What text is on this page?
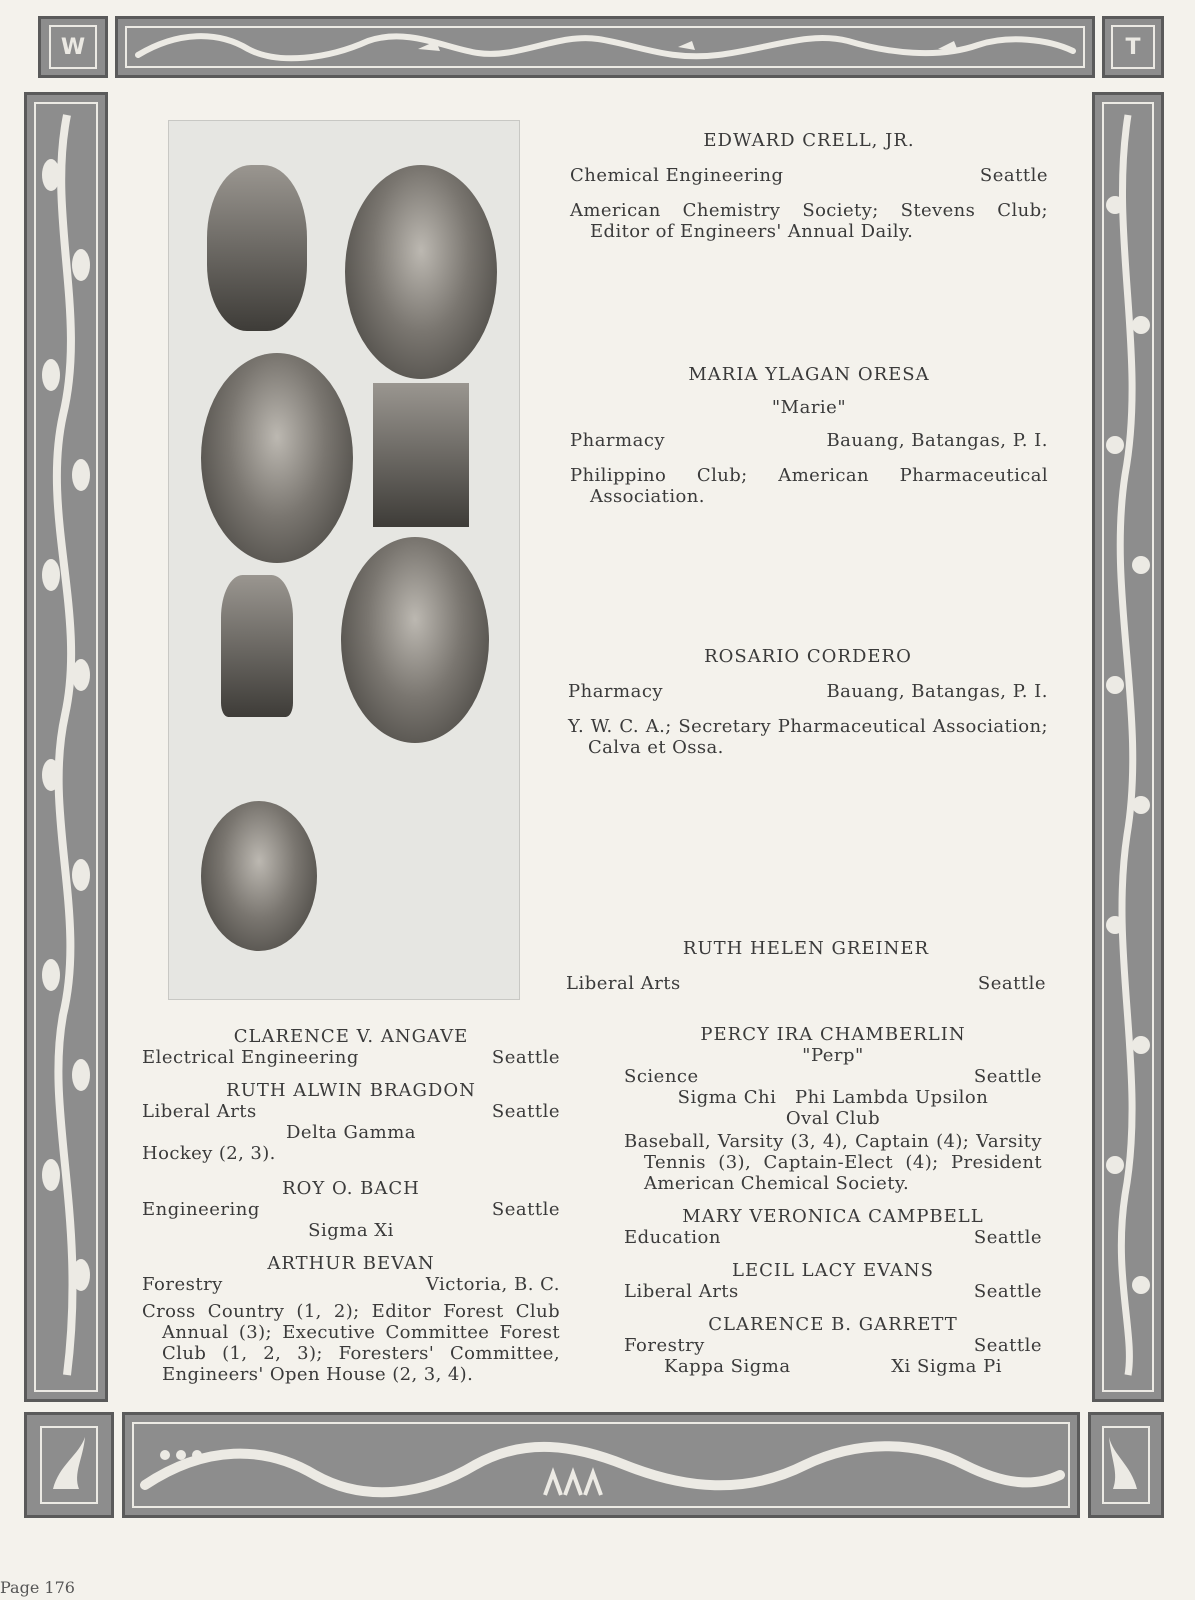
W	T
EDWARD CRELL, JR.
Chemical Engineering	Seattle
American Chemistry Society; Stevens Club; Editor of Engineers' Annual Daily.
MARIA YLAGAN ORESA
"Marie"
Pharmacy	Bauang, Batangas, P. I.
Philippino Club; American Pharmaceutical Association.
ROSARIO CORDERO
Pharmacy	Bauang, Batangas, P. I.
Y. W. C. A.; Secretary Pharmaceutical Association; Calva et Ossa.
RUTH HELEN GREINER
Liberal Arts	Seattle
CLARENCE V. ANGAVE
Electrical Engineering	Seattle
RUTH ALWIN BRAGDON
Liberal Arts	Seattle
Delta Gamma
Hockey (2, 3).
ROY O. BACH
Engineering	Seattle
Sigma Xi
ARTHUR BEVAN
Forestry	Victoria, B. C.
Cross Country (1, 2); Editor Forest Club Annual (3); Executive Committee Forest Club (1, 2, 3); Foresters' Committee, Engineers' Open House (2, 3, 4).
PERCY IRA CHAMBERLIN
"Perp"
Science	Seattle
Sigma Chi   Phi Lambda Upsilon
Oval Club
Baseball, Varsity (3, 4), Captain (4); Varsity Tennis (3), Captain-Elect (4); President American Chemical Society.
MARY VERONICA CAMPBELL
Education	Seattle
LECIL LACY EVANS
Liberal Arts	Seattle
CLARENCE B. GARRETT
Forestry	Seattle
Kappa Sigma	Xi Sigma Pi
Page 176
